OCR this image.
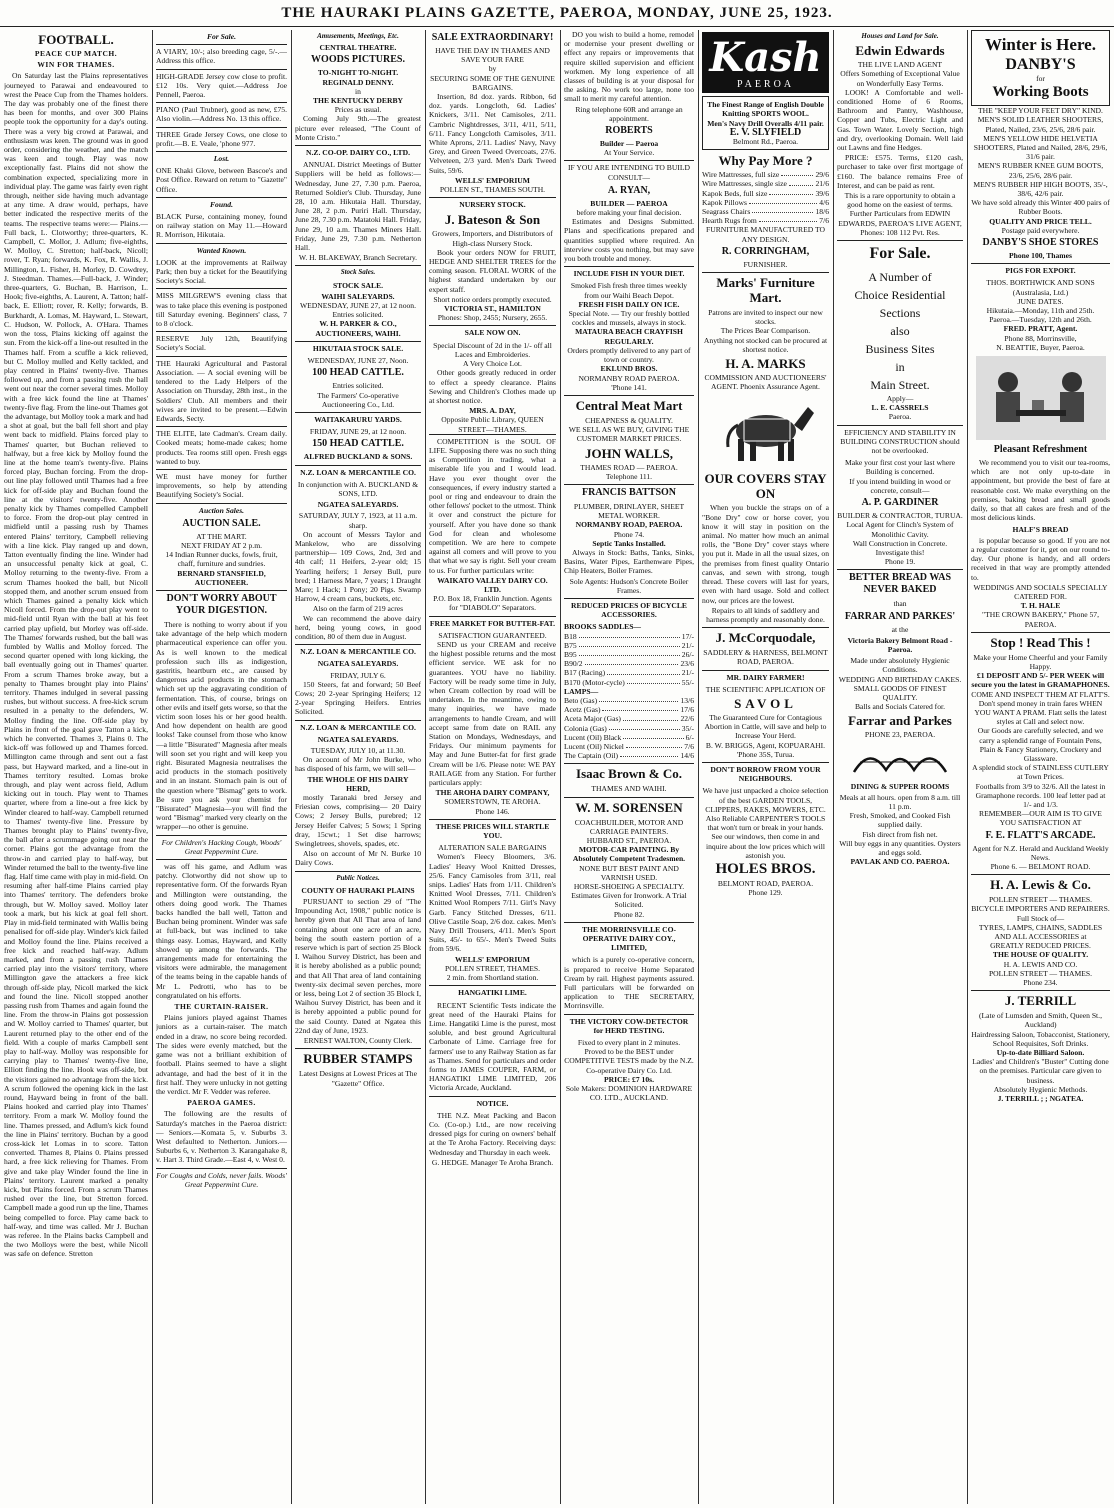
THE HAURAKI PLAINS GAZETTE, PAEROA, MONDAY, JUNE 25, 1923.
FOOTBALL.
PEACE CUP MATCH.
WIN FOR THAMES.

On Saturday last the Plains representatives journeyed to Parawai and endeavoured to wrest the Peace Cup from the Thames holders. The day was probably one of the finest there has been for months, and over 300 Plains people took the opportunity for a day's outing. There was a very big crowd at Parawai, and enthusiasm was keen. The ground was in good order, considering the weather, and the match was keen and tough. Play was now exceptionally fast. Plains did not show the combination expected, specializing more in individual play. The game was fairly even right through, neither side having much advantage at any time. A draw would, perhaps, have better indicated the respective merits of the teams. The respective teams were:— Plains.—Full back, L. Clotworthy; three-quarters, K. Campbell, C. Mollor, J. Adlum; five-eighths, W. Molloy, C. Stretton; half-back, Nicoll; rover, T. Ryan; forwards, K. Fox, R. Wallis, J. Millington, L. Fisher, H. Morley, D. Cowdrey, J. Steedman. Thames.—Full-back, J. Winder; three-quarters, G. Buchan, B. Harrison, L. Hook; five-eighths, A. Laurent, A. Tatton; half-back, E. Elliott; rover, R. Kelly; forwards, B. Burkhardt, A. Lomas, M. Hayward, L. Stewart, C. Hudson, W. Pollock, A. O'Hara. Thames won the toss, Plains kicking off against the sun. From the kick-off a line-out resulted in the Thames half. From a scuffle a kick relieved, but C. Molloy mulled and Kelly tackled, and play centred in Plains' twenty-five. Thames followed up, and from a passing rush the ball went out near the corner several times. Molloy with a free kick found the line at Thames' twenty-five flag. From the line-out Thames got the advantage, but Molloy took a mark and had a shot at goal, but the ball fell short and play went back to midfield. Plains forced play to Thames' quarter, but Buchan relieved to halfway, but a free kick by Molloy found the line at the home team's twenty-five. Plains forced play, Buchan forcing. From the drop-out line play followed until Thames had a free kick for off-side play and Buchan found the line at the visitors' twenty-five. Another penalty kick by Thames compelled Campbell to force. From the drop-out play centred in midfield until a passing rush by Thames entered Plains' territory, Campbell relieving with a line kick. Play ranged up and down, Tatton eventually finding the line. Winder had an unsuccessful penalty kick at goal, C. Molloy returning to the twenty-five. From a scrum Thames hooked the ball, but Nicoll stopped them, and another scrum ensued from which Thames gained a penalty kick which Nicoll forced. From the drop-out play went to mid-field until Ryan with the ball at his feet carried play upfield, but Morley was off-side. The Thames' forwards rushed, but the ball was fumbled by Wallis and Molloy forced. The second quarter opened with long kicking, the ball eventually going out in Thames' quarter. From a scrum Thames broke away, but a penalty to Thames brought play into Plains' territory. Thames indulged in several passing rushes, but without success. A free-kick scrum resulted in a penalty to the defenders, W. Molloy finding the line. Off-side play by Plains in front of the goal gave Tatton a kick, which he converted. Thames 3, Plains 0. The kick-off was followed up and Thames forced. Millington came through and sent out a fast pass, but Hayward marked, and a line-out in Thames territory resulted. Lomas broke through, and play went across field, Adlum kicking out in touch. Play went to Thames quarter, where from a line-out a free kick by Winder cleared to half-way. Campbell returned to Thames' twenty-five line. Pressure by Thames brought play to Plains' twenty-five, the ball after a scrummage going out near the corner. Plains got the advantage from the throw-in and carried play to half-way, but Winder returned the ball to the twenty-five line flag. Half time came with play in mid-field. On resuming after half-time Plains carried play into Thames' territory. The defenders broke through, but W. Molloy saved. Molloy later took a mark, but his kick at goal fell short. Play in mid-field terminated with Wallis being penalised for off-side play. Winder's kick failed and Molloy found the line. Plains received a free kick and reached half-way. Adlum marked, and from a passing rush Thames carried play into the visitors' territory, where Millington gave the attackers a free kick through off-side play, Nicoll marked the kick and found the line. Nicoll stopped another passing rush from Thames and again found the line. From the throw-in Plains got possession and W. Molloy carried to Thames' quarter, but Laurent returned play to the other end of the field. With a couple of marks Campbell sent play to half-way. Molloy was responsible for carrying play to Thames' twenty-five line, Elliott finding the line. Hook was off-side, but the visitors gained no advantage from the kick. A scrum followed the opening kick in the last round, Hayward being in front of the ball. Plains hooked and carried play into Thames' territory. From a mark W. Molloy found the line. Thames pressed, and Adlum's kick found the line in Plains' territory. Buchan by a good cross-kick let Lomas in to score. Tatton converted. Thames 8, Plains 0. Plains pressed hard, a free kick relieving for Thames. From give and take play Winder found the line in Plains' territory. Laurent marked a penalty kick, but Plains forced. From a scrum Thames rushed over the line, but Stretton forced. Campbell made a good run up the line, Thames being compelled to force. Play came back to half-way, and time was called. Mr J. Buchan was referee. In the Plains backs Campbell and the two Molloys were the best, while Nicoll was safe on defence. Stretton

For Sale.
A VIARY, 10/-; also breeding cage, 5/-.—Address this office.
HIGH-GRADE Jersey cow close to profit. £12 10s. Very quiet.—Address Joe Pennell, Paeroa.
PIANO (Paul Trubner), good as new, £75. Also violin.—Address No. 13 this office.
THREE Grade Jersey Cows, one close to profit.—B. E. Veale, 'phone 977.
Lost.
ONE Khaki Glove, between Bascoe's and Post Office. Reward on return to "Gazette" Office.
Found.
BLACK Purse, containing money, found on railway station on May 11.—Howard R. Morrison, Hikutaia.
Wanted Known.
LOOK at the improvements at Railway Park; then buy a ticket for the Beautifying Society's Social.
MISS MILGREW'S evening class that was to take place this evening is postponed till Saturday evening. Beginners' class, 7 to 8 o'clock.
RESERVE July 12th, Beautifying Society's Social.
THE Hauraki Agricultural and Pastoral Association. — A social evening will be tendered to the Lady Helpers of the Association on Thursday, 28th inst., in the Soldiers' Club. All members and their wives are invited to be present.—Edwin Edwards, Secty.
THE ELITE, late Cadman's. Cream daily. Cooked meats; home-made cakes; home products. Tea rooms still open. Fresh eggs wanted to buy.
WE must have money for further improvements, so help by attending Beautifying Society's Social.
Auction Sales.
AUCTION SALE.
AT THE MART.
NEXT FRIDAY AT 2 p.m.
14 Indian Runner ducks, fowls, fruit, chaff, furniture and sundries.
BERNARD STANSFIELD, AUCTIONEER.
DON'T WORRY ABOUT YOUR DIGESTION.

There is nothing to worry about if you take advantage of the help which modern pharmaceutical experience can offer you. As is well known to the medical profession such ills as indigestion, gastritis, heartburn etc., are caused by dangerous acid products in the stomach which set up the aggravating condition of fermentation. This, of course, brings on other evils and itself gets worse, so that the victim soon loses his or her good health. And how dependent on health are good looks! Take counsel from those who know—a little "Bisurated" Magnesia after meals will soon set you right and will keep you right. Bisurated Magnesia neutralises the acid products in the stomach positively and in an instant. Stomach pain is out of the question where "Bismag" gets to work. Be sure you ask your chemist for "Bisurated" Magnesia—you will find the word "Bismag" marked very clearly on the wrapper—no other is genuine.

For Children's Hacking Cough, Woods' Great Peppermint Cure.

was off his game, and Adlum was patchy. Clotworthy did not show up to representative form. Of the forwards Ryan and Millington were outstanding, the others doing good work. The Thames backs handled the ball well, Tatton and Buchan being prominent. Winder was safe at full-back, but was inclined to take things easy. Lomas, Hayward, and Kelly showed up among the forwards. The arrangements made for entertaining the visitors were admirable, the management of the teams being in the capable hands of Mr L. Pedrotti, who has to be congratulated on his efforts.

THE CURTAIN-RAISER.

Plains juniors played against Thames juniors as a curtain-raiser. The match ended in a draw, no score being recorded. The sides were evenly matched, but the game was not a brilliant exhibition of football. Plains seemed to have a slight advantage, and had the best of it in the first half. They were unlucky in not getting the verdict. Mr F. Vedder was referee.

PAEROA GAMES.

The following are the results of Saturday's matches in the Paeroa district:— Seniors.—Komata 5, v. Suburbs 3. West defaulted to Netherton. Juniors.—Suburbs 6, v. Netherton 3. Karangahake 8, v. Hart 3. Third Grade.—East 4, v. West 0.

For Coughs and Colds, never fails. Woods' Great Peppermint Cure.
Amusements, Meetings, Etc.
CENTRAL THEATRE.
WOODS PICTURES.
TO-NIGHT TO-NIGHT.
REGINALD DENNY.
in
THE KENTUCKY DERBY
Prices as usual.

Coming July 9th.—The greatest picture ever released, "The Count of Monte Cristo."

N.Z. CO-OP. DAIRY CO., LTD.

ANNUAL District Meetings of Butter Suppliers will be held as follows:— Wednesday, June 27, 7.30 p.m. Paeroa, Returned Soldier's Club. Thursday, June 28, 10 a.m. Hikutaia Hall. Thursday, June 28, 2 p.m. Puriri Hall. Thursday, June 28, 7.30 p.m. Matatoki Hall. Friday, June 29, 10 a.m. Thames Miners Hall. Friday, June 29, 7.30 p.m. Netherton Hall.

W. H. BLAKEWAY, Branch Secretary.
Stock Sales.
STOCK SALE.
WAIHI SALEYARDS.
WEDNESDAY, JUNE 27, at 12 noon.
Entries solicited.
W. H. PARKER & CO., AUCTIONEERS, WAIHI.
HIKUTAIA STOCK SALE.
WEDNESDAY, JUNE 27, Noon.
100 HEAD CATTLE.
Entries solicited.
The Farmers' Co-operative Auctioneering Co., Ltd.
WAITAKARURU YARDS.
FRIDAY, JUNE 29, at 12 noon.
150 HEAD CATTLE.
ALFRED BUCKLAND & SONS.
N.Z. LOAN & MERCANTILE CO.
In conjunction with A. BUCKLAND & SONS, LTD.
NGATEA SALEYARDS.
SATURDAY, JULY 7, 1923, at 11 a.m. sharp.

On account of Messrs Taylor and Mankelow, who are dissolving partnership— 109 Cows, 2nd, 3rd and 4th calf; 11 Heifers, 2-year old; 15 Yearling heifers; 1 Jersey Bull, pure bred; 1 Harness Mare, 7 years; 1 Draught Mare; 1 Hack; 1 Pony; 20 Pigs. Swamp Harrow, 4 cream cans, buckets, etc.

Also on the farm of 219 acres

We can recommend the above dairy herd, being young cows, in good condition, 80 of them due in August.

N.Z. LOAN & MERCANTILE CO.
NGATEA SALEYARDS.
FRIDAY, JULY 6.

150 Steers, fat and forward; 50 Beef Cows; 20 2-year Springing Heifers; 12 2-year Springing Heifers. Entries Solicited.

N.Z. LOAN & MERCANTILE CO.
NGATEA SALEYARDS.
TUESDAY, JULY 10, at 11.30.

On account of Mr John Burke, who has disposed of his farm, we will sell—

THE WHOLE OF HIS DAIRY HERD,

mostly Taranaki bred Jersey and Friesian cows, comprising— 20 Dairy Cows; 2 Jersey Bulls, purebred; 12 Jersey Heifer Calves; 5 Sows; 1 Spring dray, 15cwt.; 1 Set dise harrows; Swingletrees, shovels, spades, etc.

Also on account of Mr N. Burke 10 Dairy Cows.

Public Notices.
COUNTY OF HAURAKI PLAINS

PURSUANT to section 29 of "The Impounding Act, 1908," public notice is hereby given that All That area of land containing about one acre of an acre, being the south eastern portion of a reserve which is part of section 25 Block I. Waihou Survey District, has been and it is hereby abolished as a public pound; and that All That area of land containing twenty-six decimal seven perches, more or less, being Lot 2 of section 35 Block I, Waihou Survey District, has been and it is hereby appointed a public pound for the said County. Dated at Ngatea this 22nd day of June, 1923.

ERNEST WALTON, County Clerk.
RUBBER STAMPS
Latest Designs at Lowest Prices at The "Gazette" Office.
SALE EXTRAORDINARY!
HAVE THE DAY IN THAMES AND SAVE YOUR FARE
by
SECURING SOME OF THE GENUINE BARGAINS.

Insertion, 8d doz. yards. Ribbon, 6d doz. yards. Longcloth, 6d. Ladies' Knickers, 3/11. Net Camisoles, 2/11. Cambric Nightdresses, 3/11, 4/11, 5/11, 6/11. Fancy Longcloth Camisoles, 3/11. White Aprons, 2/11. Ladies' Navy, Navy Grey, and Green Tweed Overcoats, 27/6. Velveteen, 2/3 yard. Men's Dark Tweed Suits, 59/6.

WELLS' EMPORIUM
POLLEN ST., THAMES SOUTH.
NURSERY STOCK.
J. Bateson & Son
Growers, Importers, and Distributors of High-class Nursery Stock.

Book your orders NOW for FRUIT, HEDGE AND SHELTER TREES for the coming season. FLORAL WORK of the highest standard undertaken by our expert staff.

Short notice orders promptly executed.
VICTORIA ST., HAMILTON
Phones: Shop, 2455; Nursery, 2655.
SALE NOW ON.
Special Discount of 2d in the 1/- off all Laces and Embroideries.
A Very Choice Lot.

Other goods greatly reduced in order to effect a speedy clearance. Plains Sewing and Children's Clothes made up at shortest notice.

MRS. A. DAY,
Opposite Public Library, QUEEN STREET—THAMES.

COMPETITION is the SOUL OF LIFE. Supposing there was no such thing as Competition in trading, what a miserable life you and I would lead. Have you ever thought over the consequences, if every industry started a pool or ring and endeavour to drain the other fellows' pocket to the utmost. Think it over and construct the picture for yourself. After you have done so thank God for clean and wholesome competition. We are here to compete against all comers and will prove to you that what we say is right. Sell your cream to us. For further particulars write:

WAIKATO VALLEY DAIRY CO. LTD.
P.O. Box 18, Franklin Junction. Agents for "DIABOLO" Separators.
FREE MARKET FOR BUTTER-FAT.
SATISFACTION GUARANTEED.

SEND us your CREAM and receive the highest possible returns and the most efficient service. WE ask for no guarantees. YOU have no liability. Factory will be ready some time in July, when Cream collection by road will be undertaken. In the meantime, owing to many inquiries, we have made arrangements to handle Cream, and will accept same from date on RAIL any Station on Mondays, Wednesdays, and Fridays. Our minimum payments for May and June Butter-fat for first grade Cream will be 1/6. Please note: WE PAY RAILAGE from any Station. For further particulars apply:

THE AROHA DAIRY COMPANY,
SOMERSTOWN, TE AROHA.
Phone 146.
THESE PRICES WILL STARTLE YOU.
ALTERATION SALE BARGAINS

Women's Fleecy Bloomers, 3/6. Ladies' Heavy Wool Knitted Dresses, 25/6. Fancy Camisoles from 3/11, real snips. Ladies' Hats from 1/11. Children's Knitted Wool Dresses, 7/11. Children's Knitted Wool Rompers 7/11. Girl's Navy Garb. Fancy Stitched Dresses, 6/11. Olive Castile Soap, 2/6 doz. cakes. Men's Navy Drill Trousers, 4/11. Men's Sport Suits, 45/- to 65/-. Men's Tweed Suits from 59/6.

WELLS' EMPORIUM
POLLEN STREET, THAMES.
2 min. from Shortland station.
HANGATIKI LIME.

RECENT Scientific Tests indicate the great need of the Hauraki Plains for Lime. Hangatiki Lime is the purest, most soluble, and best ground Agricultural Carbonate of Lime. Carriage free for farmers' use to any Railway Station as far as Thames. Send for particulars and order forms to JAMES COUPER, FARM, or HANGATIKI LIME LIMITED, 206 Victoria Arcade, Auckland.

NOTICE.

THE N.Z. Meat Packing and Bacon Co. (Co-op.) Ltd., are now receiving dressed pigs for curing on owners' behalf at the Te Aroha Factory. Receiving days: Wednesday and Thursday in each week.

G. HEDGE. Manager Te Aroha Branch.

DO you wish to build a home, remodel or modernise your present dwelling or effect any repairs or improvements that require skilled supervision and efficient workmen. My long experience of all classes of building is at your disposal for the asking. No work too large, none too small to merit my careful attention.

Ring telephone 60R and arrange an appointment.
ROBERTS
Builder — Paeroa
At Your Service.
IF YOU ARE INTENDING TO BUILD CONSULT—
A. RYAN,
BUILDER — PAEROA
before making your final decision.

Estimates and Designs Submitted. Plans and specifications prepared and quantities supplied where required. An interview costs you nothing, but may save you both trouble and money.

INCLUDE FISH IN YOUR DIET.
Smoked Fish fresh three times weekly from our Waihi Beach Depot.
FRESH FISH DAILY ON ICE.
Special Note. — Try our freshly bottled cockles and mussels, always in stock.
MATAURA BEACH CRAYFISH REGULARLY.
Orders promptly delivered to any part of town or country.
EKLUND BROS.
NORMANBY ROAD PAEROA.
'Phone 141.
Central Meat Mart
CHEAPNESS & QUALITY.
WE SELL AS WE BUY, GIVING THE CUSTOMER MARKET PRICES.
JOHN WALLS,
THAMES ROAD — PAEROA.
Telephone 111.
FRANCIS BATTSON
PLUMBER, DRINLAYER, SHEET METAL WORKER.
NORMANBY ROAD, PAEROA.
Phone 74.
Septic Tanks Installed.

Always in Stock: Baths, Tanks, Sinks, Basins, Water Pipes, Earthenware Pipes, Chip Heaters, Boiler Frames.

Sole Agents: Hudson's Concrete Boiler Frames.
REDUCED PRICES OF BICYCLE ACCESSORIES.
BROOKS SADDLES—
B18	17/-
B75	21/-
B95	26/-
B90/2	23/6
B17 (Racing)	21/-
B170 (Motor-cycle)	55/-
LAMPS—
Beto (Gas)	13/6
Acetz (Gas)	17/6
Aceta Major (Gas)	22/6
Colonia (Gas)	35/-
Lucent (Oil) Black	6/-
Lucent (Oil) Nickel	7/6
The Captain (Oil)	14/6
Isaac Brown & Co.
THAMES AND WAIHI.
W. M. SORENSEN
COACHBUILDER, MOTOR AND CARRIAGE PAINTERS.
HUBBARD ST., PAEROA.
MOTOR-CAR PAINTING. By Absolutely Competent Tradesmen.
NONE BUT BEST PAINT AND VARNISH USED.
HORSE-SHOEING A SPECIALTY.
Estimates Given for Ironwork. A Trial Solicited.
Phone 82.
THE MORRINSVILLE CO-OPERATIVE DAIRY COY., LIMITED,

which is a purely co-operative concern, is prepared to receive Home Separated Cream by rail. Highest payments assured. Full particulars will be forwarded on application to THE SECRETARY, Morrinsville.

THE VICTORY COW-DETECTOR for HERD TESTING.
Fixed to every plant in 2 minutes.
Proved to be the BEST under COMPETITIVE TESTS made by the N.Z. Co-operative Dairy Co. Ltd.
PRICE: £7 10s.
Sole Makers: DOMINION HARDWARE CO. LTD., AUCKLAND.
Kash
PAEROA
The Finest Range of English Double Knitting SPORTS WOOL.
Men's Navy Drill Overalls 4/11 pair.
E. V. SLYFIELD
Belmont Rd., Paeroa.
Why Pay More ?
Wire Mattresses, full size	29/6
Wire Mattresses, single size	21/6
Kapok Beds, full size	39/6
Kapok Pillows	4/6
Seagrass Chairs	18/6
Hearth Rugs from	7/6
FURNITURE MANUFACTURED TO ANY DESIGN.
R. CORRINGHAM,
FURNISHER.
Marks' Furniture Mart.
Patrons are invited to inspect our new stocks.
The Prices Bear Comparison.
Anything not stocked can be procured at shortest notice.
H. A. MARKS
COMMISSION AND AUCTIONEERS' AGENT. Phoenix Assurance Agent.
OUR COVERS STAY ON

When you buckle the straps on of a "Bone Dry" cow or horse cover, you know it will stay in position on the animal. No matter how much an animal rolls, the "Bone Dry" cover stays where you put it. Made in all the usual sizes, on the premises from finest quality Ontario canvas, and sewn with strong, tough thread. These covers will last for years, even with hard usage. Sold and collect now, our prices are the lowest.

Repairs to all kinds of saddlery and harness promptly and reasonably done.
J. McCorquodale,
SADDLERY & HARNESS, BELMONT ROAD, PAEROA.
MR. DAIRY FARMER!
THE SCIENTIFIC APPLICATION OF
SAVOL
The Guaranteed Cure for Contagious Abortion in Cattle, will save and help to Increase Your Herd.
B. W. BRIGGS, Agent, KOPUARAHI. 'Phone 35S, Turua.
DON'T BORROW FROM YOUR NEIGHBOURS.
We have just unpacked a choice selection of the best GARDEN TOOLS, CLIPPERS, RAKES, MOWERS, ETC.
Also Reliable CARPENTER'S TOOLS that won't turn or break in your hands.
See our windows, then come in and inquire about the low prices which will astonish you.
HOLES BROS.
BELMONT ROAD, PAEROA.
Phone 129.
Houses and Land for Sale.
Edwin Edwards
THE LIVE LAND AGENT
Offers Something of Exceptional Value on Wonderfully Easy Terms.

LOOK! A Comfortable and well-conditioned Home of 6 Rooms, Bathroom and Pantry, Washhouse, Copper and Tubs, Electric Light and Gas. Town Water. Lovely Section, high and dry, overlooking Domain. Well laid out Lawns and fine Hedges.

PRICE: £575. Terms, £120 cash, purchaser to take over first mortgage of £160. The balance remains Free of Interest, and can be paid as rent.

This is a rare opportunity to obtain a good home on the easiest of terms.
Further Particulars from EDWIN EDWARDS, PAEROA'S LIVE AGENT,
Phones: 108 112 Pvt. Res.
For Sale.
A Number of
Choice Residential
Sections
also
Business Sites
in
Main Street.
Apply—
L. E. CASSRELS
Paeroa.
EFFICIENCY AND STABILITY IN BUILDING CONSTRUCTION should not be overlooked.
Make your first cost your last where Building is concerned.
If you intend building in wood or concrete, consult—
A. P. GARDINER
BUILDER & CONTRACTOR, TURUA.
Local Agent for Clinch's System of Monolithic Cavity.
Wall Construction in Concrete. Investigate this!
Phone 19.
BETTER BREAD WAS NEVER BAKED
than
FARRAR AND PARKES'
at the
Victoria Bakery Belmont Road - Paeroa.
Made under absolutely Hygienic Conditions.
WEDDING AND BIRTHDAY CAKES.
SMALL GOODS OF FINEST QUALITY.
Balls and Socials Catered for.
Farrar and Parkes
PHONE 23, PAEROA.
DINING & SUPPER ROOMS
Meals at all hours. open from 8 a.m. till 11 p.m.
Fresh, Smoked, and Cooked Fish supplied daily.
Fish direct from fish net.
Will buy eggs in any quantities. Oysters and eggs sold.
PAVLAK AND CO. PAEROA.
Winter is Here.
DANBY'S
for
Working Boots
THE "KEEP YOUR FEET DRY" KIND.
MEN'S SOLID LEATHER SHOOTERS, Plated, Nailed, 23/6, 25/6, 28/6 pair.
MEN'S YELLOW HIDE HELVETIA SHOOTERS, Plated and Nailed, 28/6, 29/6, 31/6 pair.
MEN'S RUBBER KNEE GUM BOOTS, 23/6, 25/6, 28/6 pair.
MEN'S RUBBER HIP HIGH BOOTS, 35/-, 38/6, 42/6 pair.
We have sold already this Winter 400 pairs of Rubber Boots.
QUALITY AND PRICE TELL.
Postage paid everywhere.
DANBY'S SHOE STORES
Phone 100, Thames
PIGS FOR EXPORT.
THOS. BORTHWICK AND SONS (Australasia, Ltd.)
JUNE DATES.
Hikutaia.—Monday, 11th and 25th.
Paeroa.—Tuesday, 12th and 26th.
FRED. PRATT, Agent.
Phone 88, Morrinsville,
N. BEATTIE, Buyer, Paeroa.
Pleasant Refreshment

We recommend you to visit our tea-rooms, which are not only up-to-date in appointment, but provide the best of fare at reasonable cost. We make everything on the premises, baking bread and small goods daily, so that all cakes are fresh and of the most delicious kinds.

HALF'S BREAD

is popular because so good. If you are not a regular customer for it, get on our round to-day. Our phone is handy, and all orders received in that way are promptly attended to.

WEDDINGS AND SOCIALS SPECIALLY CATERED FOR.
T. H. HALE
"THE CROWN BAKERY," Phone 57, PAEROA.
Stop ! Read This !
Make your Home Cheerful and your Family Happy.
£1 DEPOSIT AND 5/- PER WEEK will secure you the latest in GRAMAPHONES.
COME AND INSPECT THEM AT FLATT'S.
Don't spend money in train fares WHEN YOU WANT A PRAM. Flatt sells the latest styles at Call and select now.
Our Goods are carefully selected, and we carry a splendid range of Fountain Pens, Plain & Fancy Stationery, Crockery and Glassware.
A splendid stock of STAINLESS CUTLERY at Town Prices.
Footballs from 3/9 to 32/6. All the latest in Gramaphone records. 100 leaf letter pad at 1/- and 1/3.
REMEMBER—OUR AIM IS TO GIVE YOU SATISFACTION AT
F. E. FLATT'S ARCADE.
Agent for N.Z. Herald and Auckland Weekly News.
Phone 6. — BELMONT ROAD.
H. A. Lewis & Co.
POLLEN STREET — THAMES.
BICYCLE IMPORTERS AND REPAIRERS.
Full Stock of—
TYRES, LAMPS, CHAINS, SADDLES
AND ALL ACCESSORIES at
GREATLY REDUCED PRICES.
THE HOUSE OF QUALITY.
H. A. LEWIS AND CO.
POLLEN STREET — THAMES.
Phone 234.
J. TERRILL
(Late of Lumsden and Smith, Queen St., Auckland)
Hairdressing Saloon, Tobacconist, Stationery, School Requisites, Soft Drinks.
Up-to-date Billiard Saloon.
Ladies' and Children's "Buster" Cutting done on the premises. Particular care given to business.
Absolutely Hygienic Methods.
J. TERRILL ; ; NGATEA.
